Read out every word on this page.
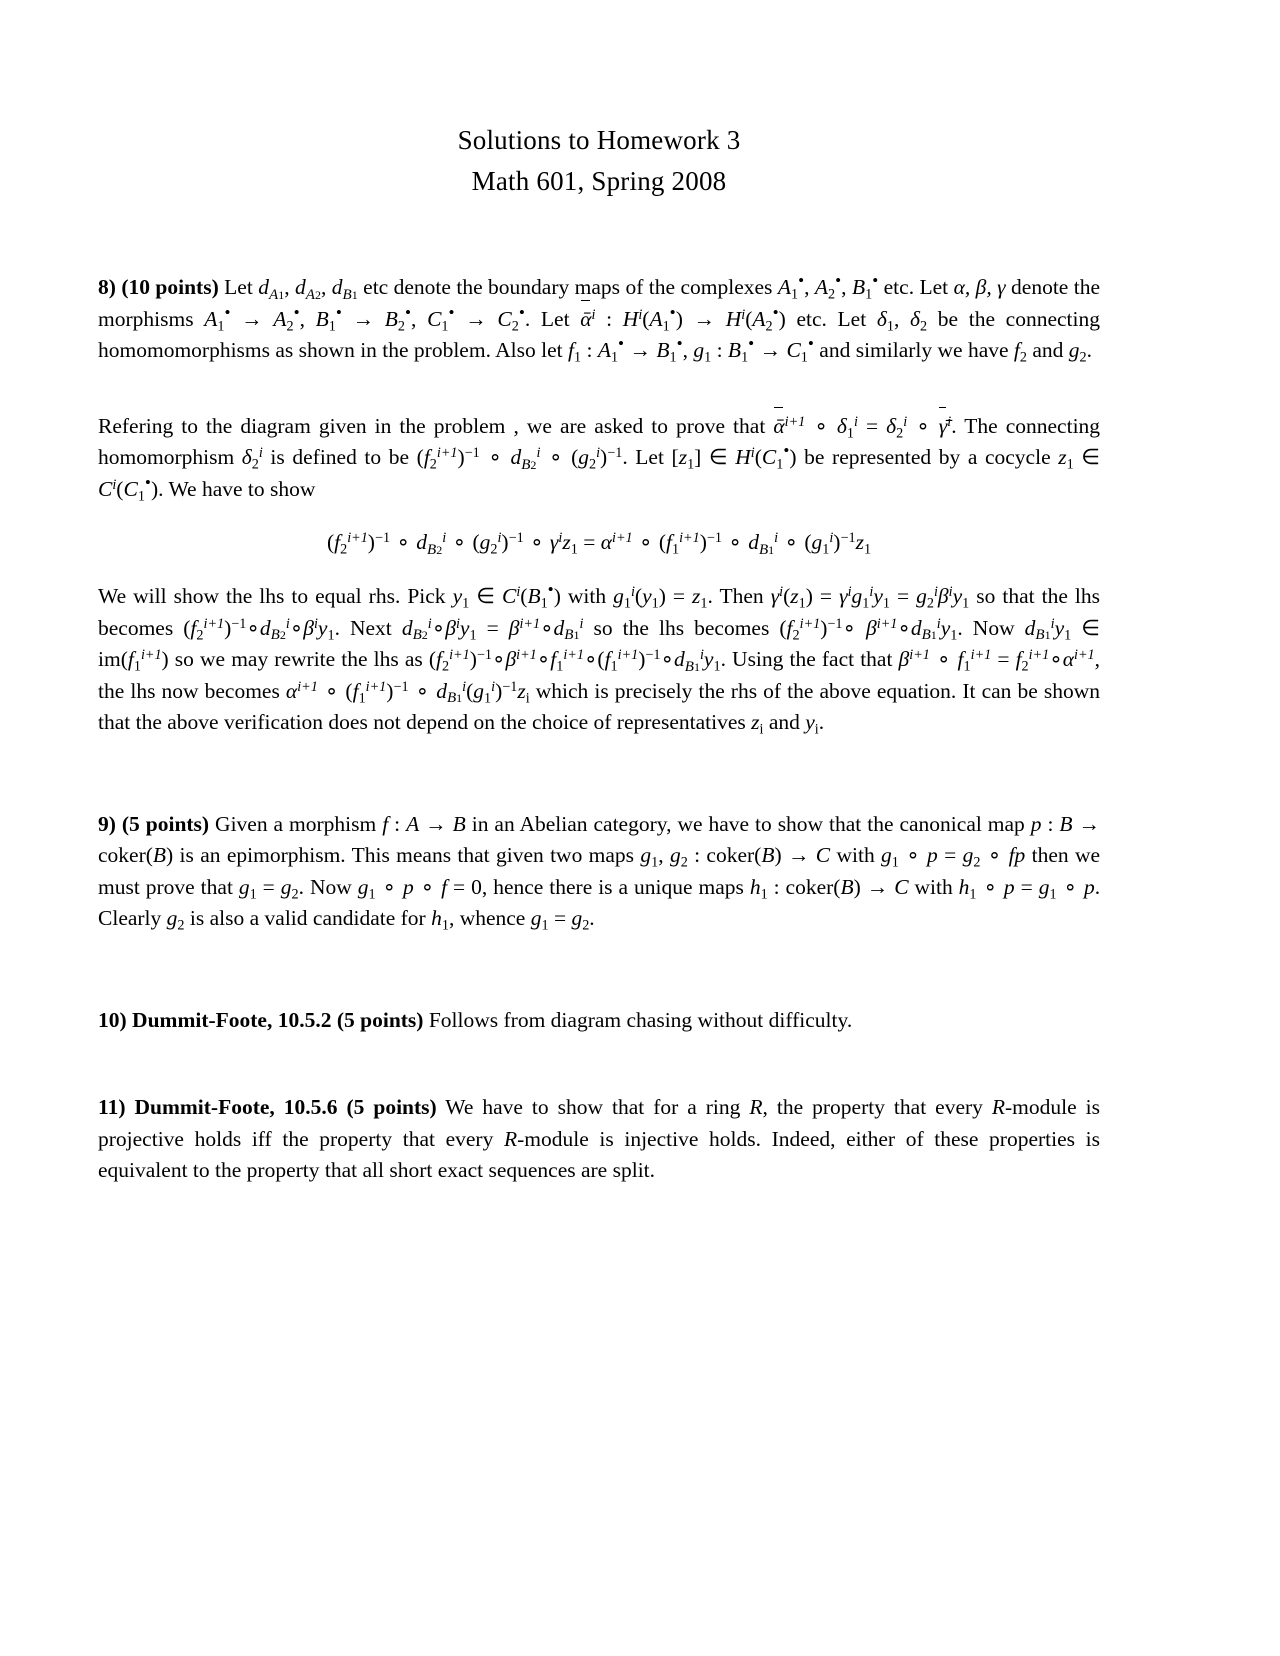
Solutions to Homework 3
Math 601, Spring 2008

8) (10 points) Let $d_{A1}$, $d_{A2}$, $d_{B1}$ etc denote the boundary maps of the complexes $A_1^•$, $A_2^•$, $B_1^•$ etc. Let α, β, γ denote the morphisms $A_1^• \to A_2^•$, $B_1^• \to B_2^•$, $C_1^• \to C_2^•$. Let ᾱ$^i$ : $H^i(A_1^•) \to H^i(A_2^•)$ etc. Let $\delta_1$, $\delta_2$ be the connecting homomomorphisms as shown in the problem. Also let $f_1$ : $A_1^• \to B_1^•$, $g_1$ : $B_1^• \to C_1^•$ and similarly we have $f_2$ and $g_2$.

Refering to the diagram given in the problem , we are asked to prove that ᾱ$^{i+1}$ ∘ $\delta_1^i = \delta_2^i$ ∘ γ̄$^i$. The connecting homomorphism $\delta_2^i$ is defined to be $(f_2^{i+1})^{-1}$ ∘ $d_{B2}^i$ ∘ $(g_2^i)^{-1}$. Let $[z_1]$ ∈ $H^i(C_1^•)$ be represented by a cocycle $z_1$ ∈ $C^i(C_1^•)$. We have to show

$(f_2^{i+1})^{-1}$ ∘ $d_{B2}^i$ ∘ $(g_2^i)^{-1}$ ∘ $\gamma^iz_1 = \alpha^{i+1}$ ∘ $(f_1^{i+1})^{-1}$ ∘ $d_{B1}^i$ ∘ $(g_1^i)^{-1}z_1$

We will show the lhs to equal rhs. Pick $y_1$ ∈ $C^i(B_1^•)$ with $g_1^i(y_1) = z_1$. Then $\gamma^i(z_1) = \gamma^ig_1^iy_1 = g_2^i\beta^iy_1$ so that the lhs becomes $(f_2^{i+1})^{-1}\circ d_{B2}^i\circ\beta^iy_1$. Next $d_{B2}^i\circ\beta^iy_1$ = $\beta^{i+1}\circ d_{B1}^i$ so the lhs becomes $(f_2^{i+1})^{-1}\circ$ $\beta^{i+1}\circ d_{B1}^iy_1$. Now $d_{B1}^iy_1$ ∈ $im(f_1^{i+1})$ so we may rewrite the lhs as $(f_2^{i+1})^{-1}\circ\beta^{i+1}\circ f_1^{i+1}\circ(f_1^{i+1})^{-1}\circ d_{B1}^iy_1$. Using the fact that $\beta^{i+1}$ ∘ $f_1^{i+1}$ = $f_2^{i+1}\circ\alpha^{i+1}$, the lhs now becomes $\alpha^{i+1}$ ∘ $(f_1^{i+1})^{-1}$ ∘ $d_{B1}^i(g_1^i)^{-1}z_i$ which is precisely the rhs of the above equation. It can be shown that the above verification does not depend on the choice of representatives $z_i$ and $y_i$.

9) (5 points) Given a morphism f : A → B in an Abelian category, we have to show that the canonical map p : B → coker(B) is an epimorphism. This means that given two maps $g_1$, $g_2$ : coker(B) → C with $g_1$ ∘ $p = g_2$ ∘ fp then we must prove that $g_1 = g_2$. Now $g_1$ ∘ p ∘ f = 0, hence there is a unique maps $h_1$ : coker(B) → C with $h_1$ ∘ $p = g_1$ ∘ p. Clearly $g_2$ is also a valid candidate for $h_1$, whence $g_1 = g_2$.

10) Dummit-Foote, 10.5.2 (5 points) Follows from diagram chasing without difficulty.

11) Dummit-Foote, 10.5.6 (5 points) We have to show that for a ring R, the property that every R-module is projective holds iff the property that every R-module is injective holds. Indeed, either of these properties is equivalent to the property that all short exact sequences are split.
